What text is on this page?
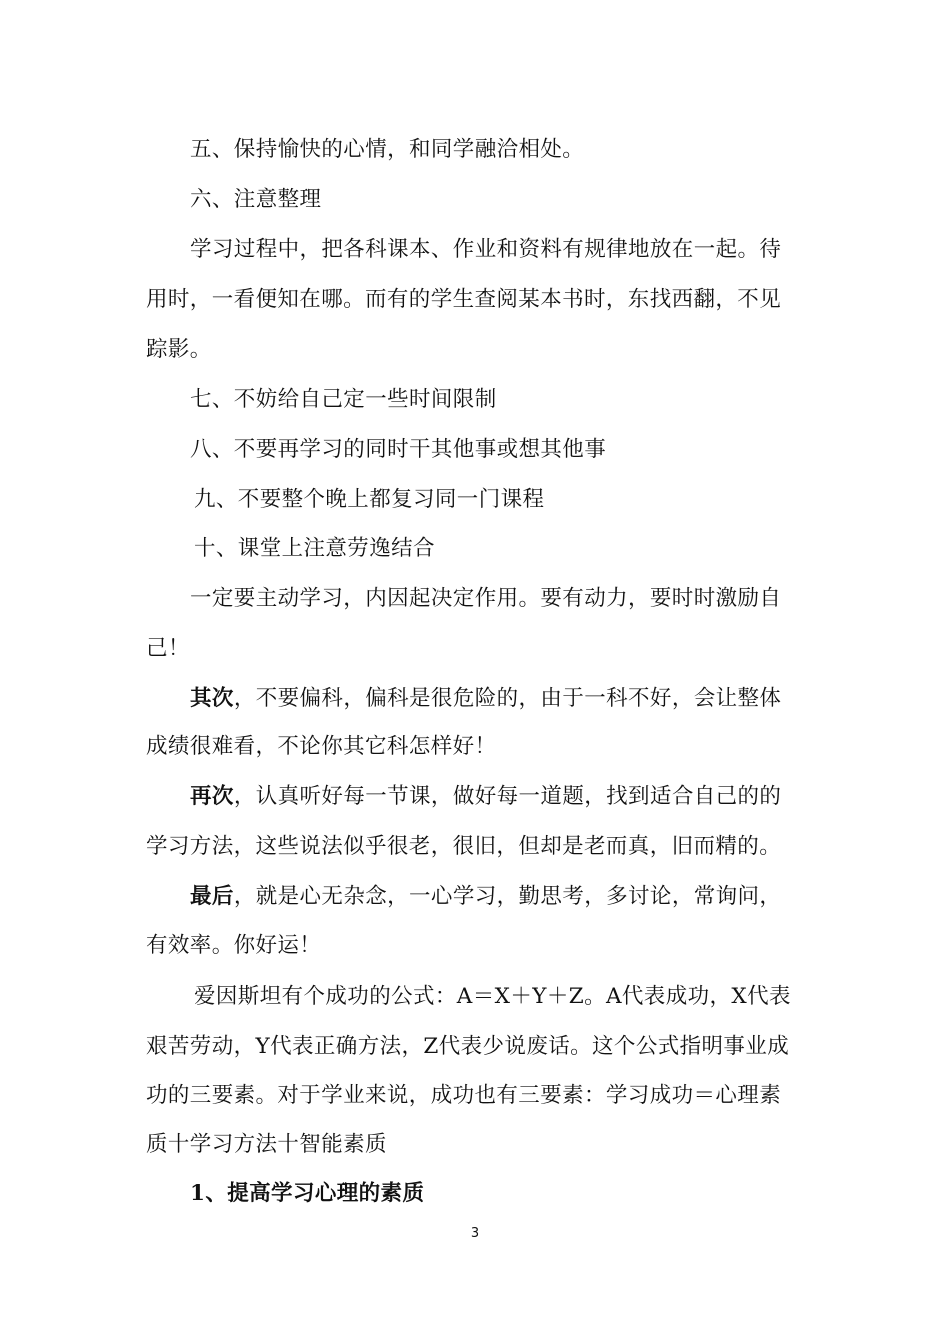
五、保持愉快的心情，和同学融洽相处。
六、注意整理
学习过程中，把各科课本、作业和资料有规律地放在一起。待
用时，一看便知在哪。而有的学生查阅某本书时，东找西翻，不见
踪影。
七、不妨给自己定一些时间限制
八、不要再学习的同时干其他事或想其他事
九、不要整个晚上都复习同一门课程
十、课堂上注意劳逸结合
一定要主动学习，内因起决定作用。要有动力，要时时激励自
己！
其次，不要偏科，偏科是很危险的，由于一科不好，会让整体
成绩很难看，不论你其它科怎样好！
再次，认真听好每一节课，做好每一道题，找到适合自己的的
学习方法，这些说法似乎很老，很旧，但却是老而真，旧而精的。
最后，就是心无杂念，一心学习，勤思考，多讨论，常询问，
有效率。你好运！
爱因斯坦有个成功的公式：A＝X＋Y＋Z。A代表成功，X代表
艰苦劳动，Y代表正确方法，Z代表少说废话。这个公式指明事业成
功的三要素。对于学业来说，成功也有三要素：学习成功＝心理素
质十学习方法十智能素质
1、提高学习心理的素质
3
